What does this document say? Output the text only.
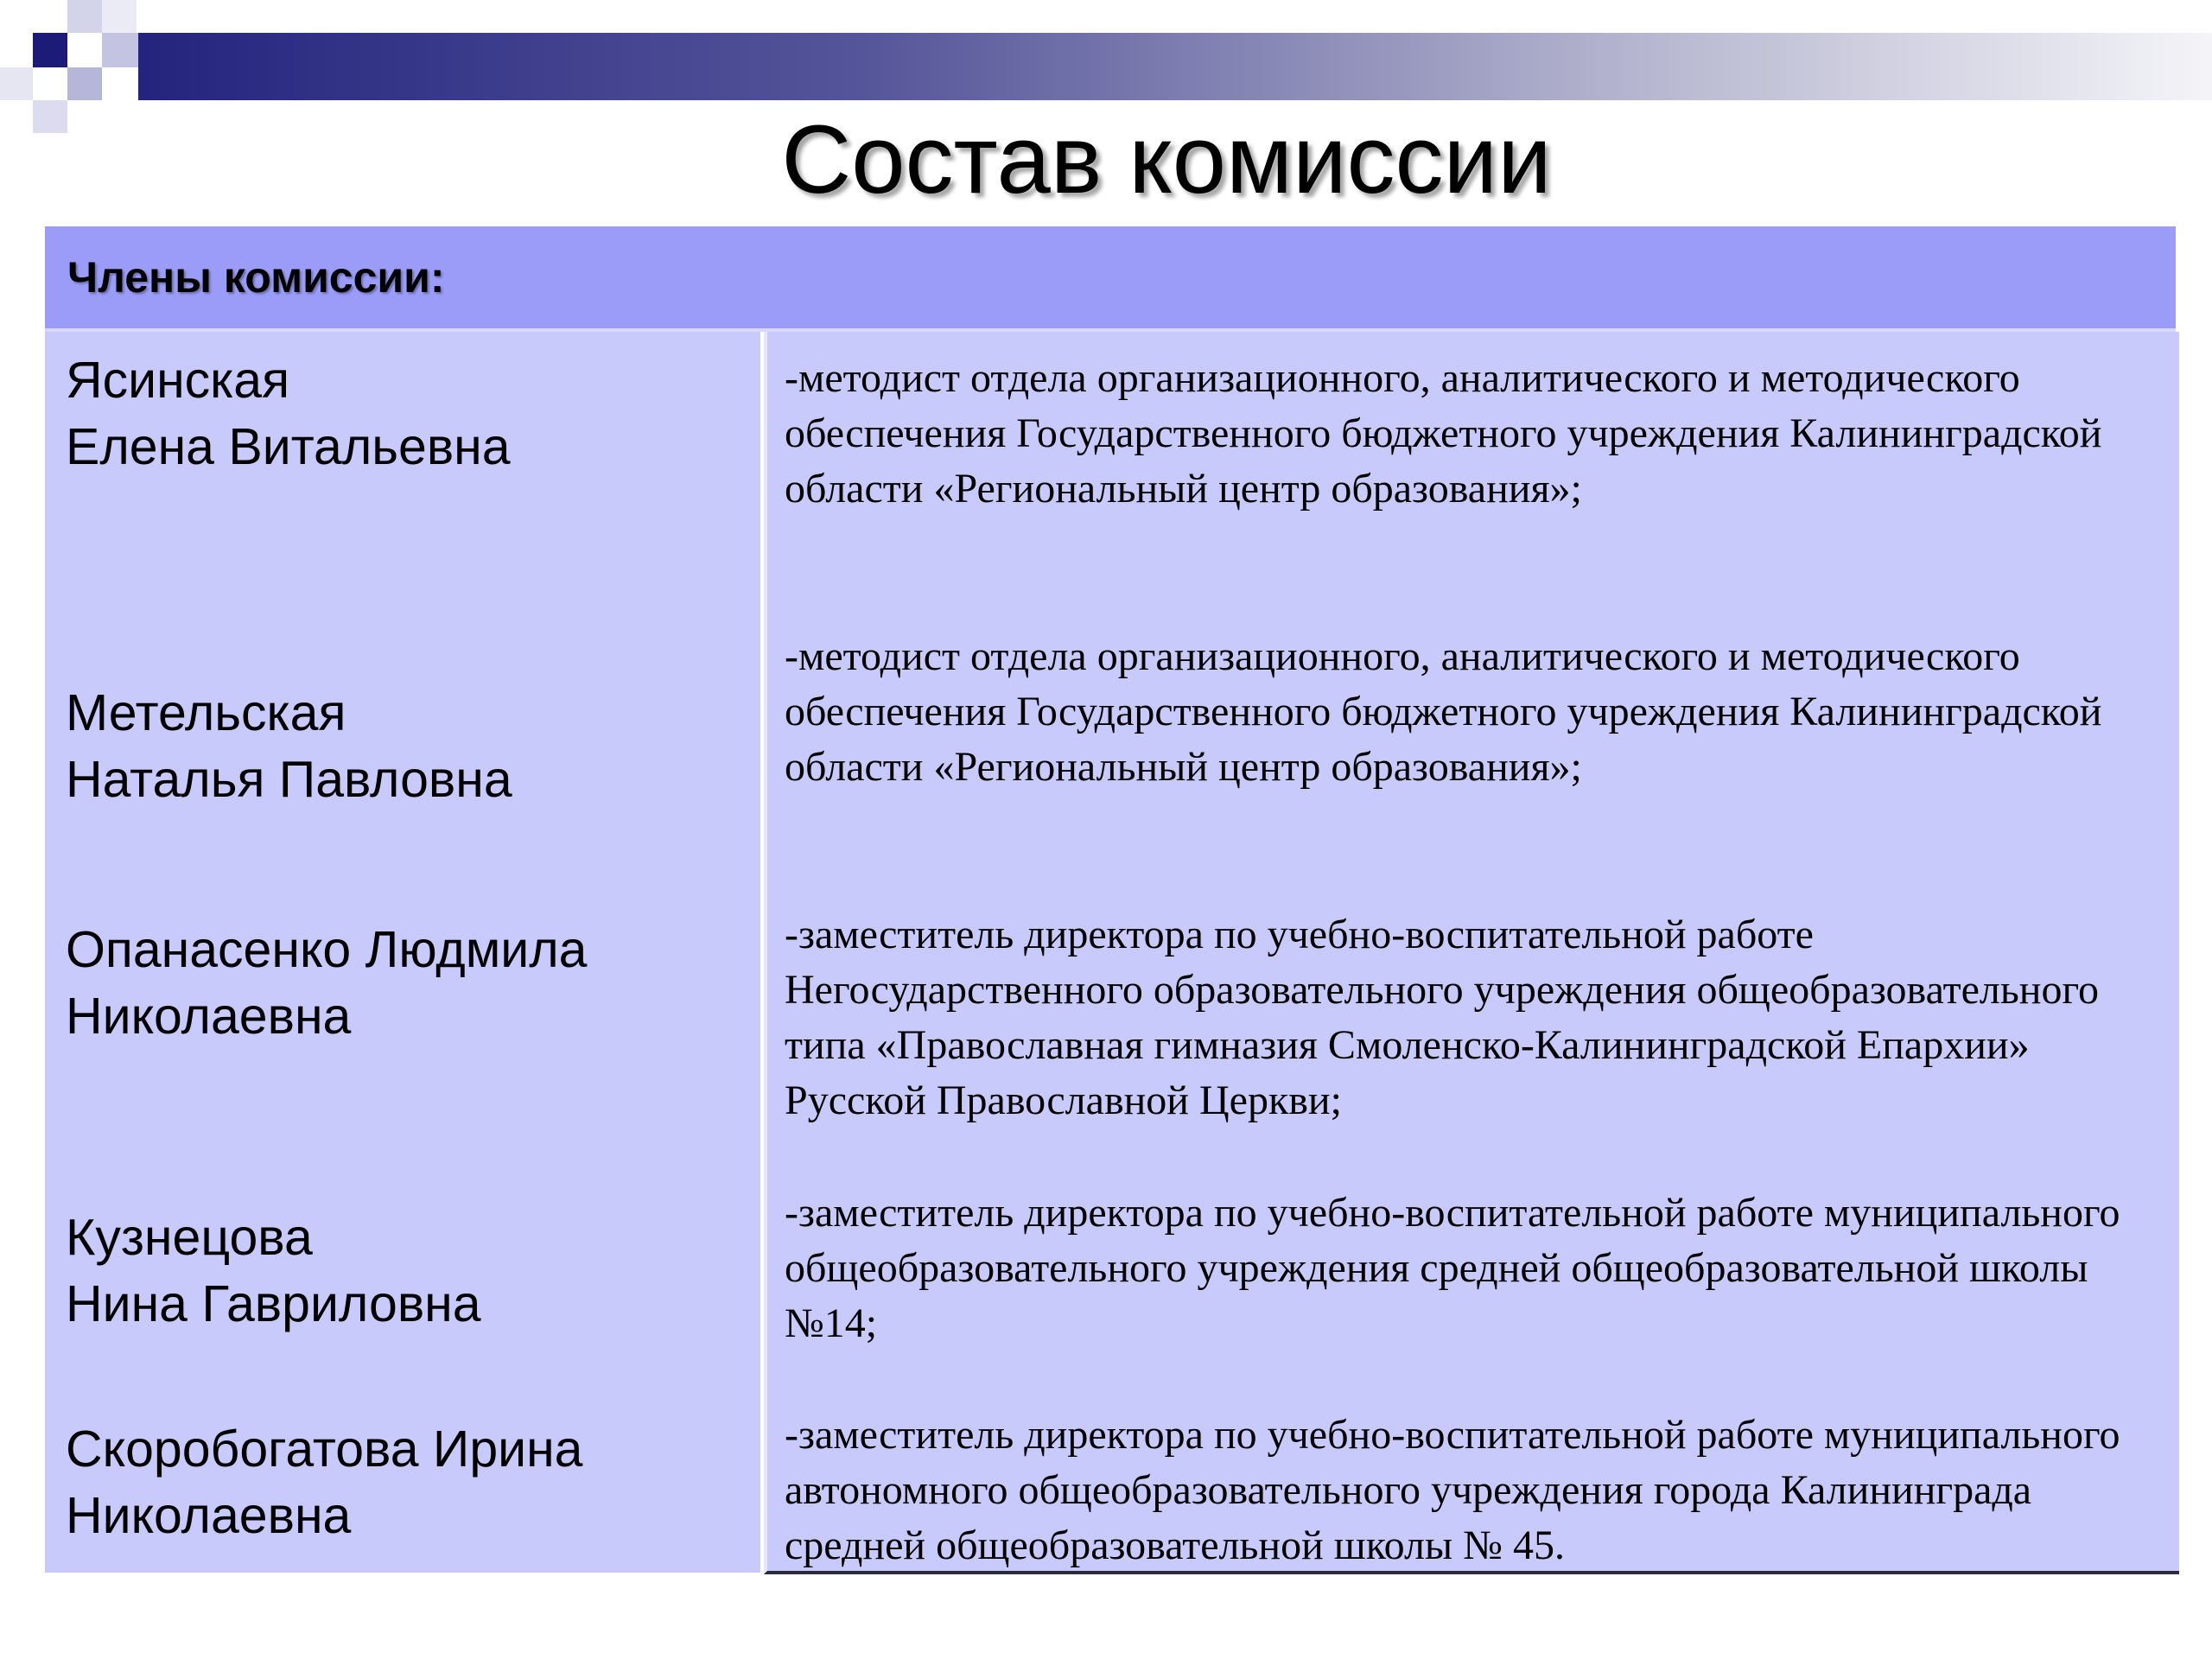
Состав комиссии
Члены комиссии:
Ясинская
Елена Витальевна
Метельская
Наталья Павловна
Опанасенко Людмила
Николаевна
Кузнецова
Нина Гавриловна
Скоробогатова Ирина
Николаевна
-методист отдела организационного, аналитического и методического обеспечения Государственного бюджетного учреждения Калининградской области «Региональный центр образования»;
-методист отдела организационного, аналитического и методического обеспечения Государственного бюджетного учреждения Калининградской области «Региональный центр образования»;
-заместитель директора по учебно-воспитательной работе Негосударственного образовательного учреждения общеобразовательного типа «Православная гимназия Смоленско-Калининградской Епархии» Русской Православной Церкви;
-заместитель директора по учебно-воспитательной работе муниципального общеобразовательного учреждения средней общеобразовательной школы №14;
-заместитель директора по учебно-воспитательной работе муниципального автономного общеобразовательного учреждения города Калининграда средней общеобразовательной школы № 45.
